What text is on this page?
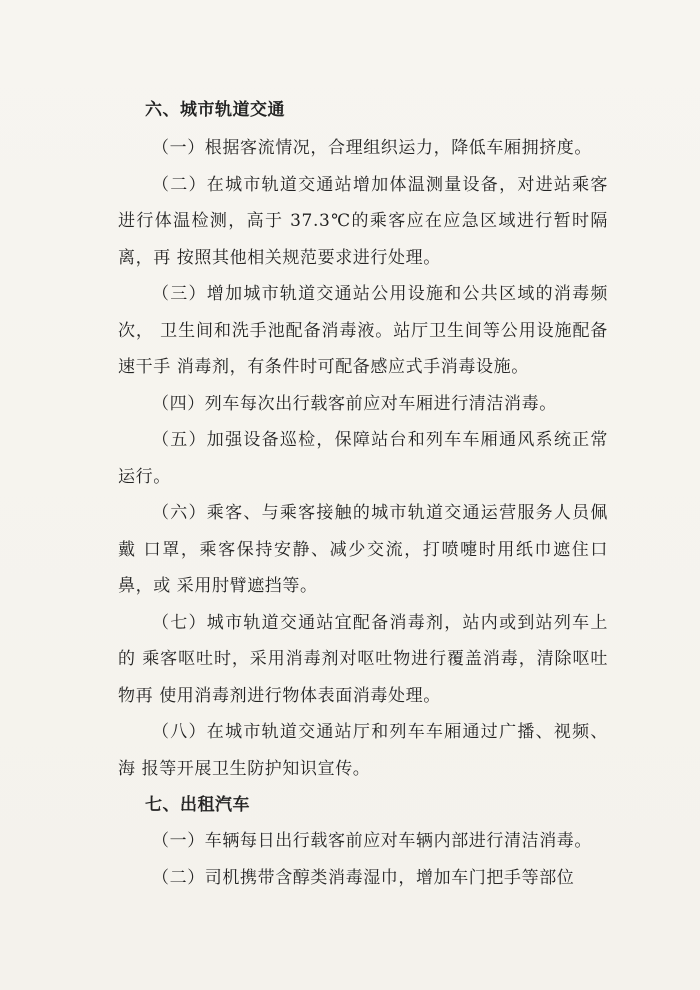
六、城市轨道交通

（一）根据客流情况，合理组织运力，降低车厢拥挤度。

（二）在城市轨道交通站增加体温测量设备，对进站乘客进行体温检测，高于 37.3℃的乘客应在应急区域进行暂时隔离，再 按照其他相关规范要求进行处理。

（三）增加城市轨道交通站公用设施和公共区域的消毒频次， 卫生间和洗手池配备消毒液。站厅卫生间等公用设施配备速干手 消毒剂，有条件时可配备感应式手消毒设施。

（四）列车每次出行载客前应对车厢进行清洁消毒。

（五）加强设备巡检，保障站台和列车车厢通风系统正常运行。

（六）乘客、与乘客接触的城市轨道交通运营服务人员佩戴 口罩，乘客保持安静、减少交流，打喷嚏时用纸巾遮住口鼻，或 采用肘臂遮挡等。

（七）城市轨道交通站宜配备消毒剂，站内或到站列车上的 乘客呕吐时，采用消毒剂对呕吐物进行覆盖消毒，清除呕吐物再 使用消毒剂进行物体表面消毒处理。

（八）在城市轨道交通站厅和列车车厢通过广播、视频、海 报等开展卫生防护知识宣传。

七、出租汽车

（一）车辆每日出行载客前应对车辆内部进行清洁消毒。

（二）司机携带含醇类消毒湿巾，增加车门把手等部位
